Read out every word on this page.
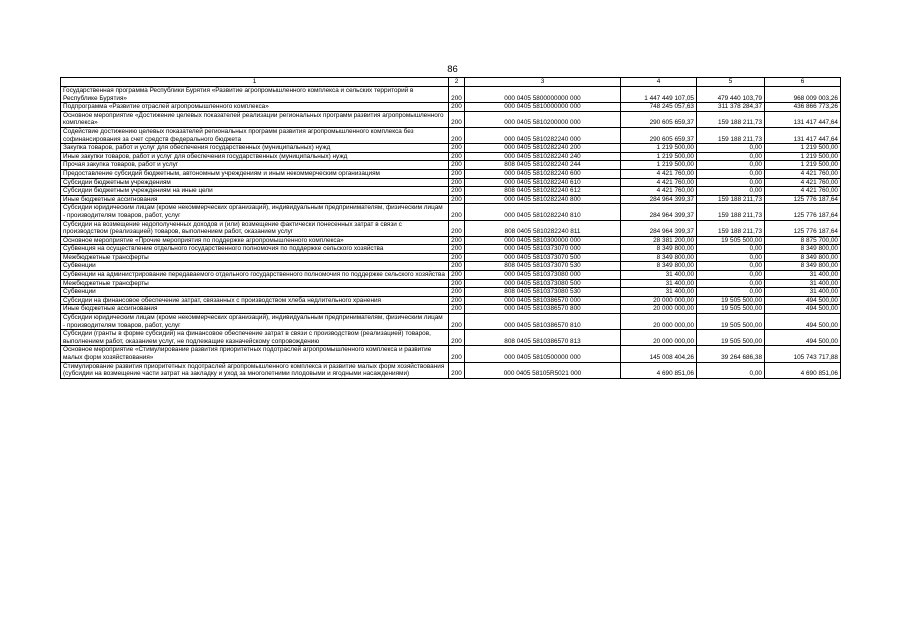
86
1	2	3	4	5	6
Государственная программа Республики Бурятия «Развитие агропромышленного комплекса и сельских территорий в Республике Бурятия»	200	000 0405 5800000000 000	1 447 449 107,05	479 440 103,79	968 009 003,26
Подпрограмма «Развитие отраслей агропромышленного комплекса»	200	000 0405 5810000000 000	748 245 057,63	311 378 284,37	436 866 773,26
Основное мероприятие «Достижение целевых показателей реализации региональных программ развития агропромышленного комплекса»	200	000 0405 5810200000 000	290 605 659,37	159 188 211,73	131 417 447,64
Содействие достижению целевых показателей региональных программ развития агропромышленного комплекса без софинансирования за счет средств федерального бюджета	200	000 0405 5810282240 000	290 605 659,37	159 188 211,73	131 417 447,64
Закупка товаров, работ и услуг для обеспечения государственных (муниципальных) нужд	200	000 0405 5810282240 200	1 219 500,00	0,00	1 219 500,00
Иные закупки товаров, работ и услуг для обеспечения государственных (муниципальных) нужд	200	000 0405 5810282240 240	1 219 500,00	0,00	1 219 500,00
Прочая закупка товаров, работ и услуг	200	808 0405 5810282240 244	1 219 500,00	0,00	1 219 500,00
Предоставление субсидий бюджетным, автономным учреждениям и иным некоммерческим организациям	200	000 0405 5810282240 600	4 421 760,00	0,00	4 421 760,00
Субсидии бюджетным учреждениям	200	000 0405 5810282240 610	4 421 760,00	0,00	4 421 760,00
Субсидии бюджетным учреждениям на иные цели	200	808 0405 5810282240 612	4 421 760,00	0,00	4 421 760,00
Иные бюджетные ассигнования	200	000 0405 5810282240 800	284 964 399,37	159 188 211,73	125 776 187,64
Субсидии юридическим лицам (кроме некоммерческих организаций), индивидуальным предпринимателям, физическим лицам - производителям товаров, работ, услуг	200	000 0405 5810282240 810	284 964 399,37	159 188 211,73	125 776 187,64
Субсидии на возмещение недополученных доходов и (или) возмещение фактически понесенных затрат в связи с производством (реализацией) товаров, выполнением работ, оказанием услуг	200	808 0405 5810282240 811	284 964 399,37	159 188 211,73	125 776 187,64
Основное мероприятие «Прочие мероприятия по поддержке агропромышленного комплекса»	200	000 0405 5810300000 000	28 381 200,00	19 505 500,00	8 875 700,00
Субвенция на осуществление отдельного государственного полномочия по поддержке сельского хозяйства	200	000 0405 5810373070 000	8 349 800,00	0,00	8 349 800,00
Межбюджетные трансферты	200	000 0405 5810373070 500	8 349 800,00	0,00	8 349 800,00
Субвенции	200	808 0405 5810373070 530	8 349 800,00	0,00	8 349 800,00
Субвенции на администрирование передаваемого отдельного государственного полномочия по поддержке сельского хозяйства	200	000 0405 5810373080 000	31 400,00	0,00	31 400,00
Межбюджетные трансферты	200	000 0405 5810373080 500	31 400,00	0,00	31 400,00
Субвенции	200	808 0405 5810373080 530	31 400,00	0,00	31 400,00
Субсидии на финансовое обеспечение затрат, связанных с производством хлеба недлительного хранения	200	000 0405 5810386570 000	20 000 000,00	19 505 500,00	494 500,00
Иные бюджетные ассигнования	200	000 0405 5810386570 800	20 000 000,00	19 505 500,00	494 500,00
Субсидии юридическим лицам (кроме некоммерческих организаций), индивидуальным предпринимателям, физическим лицам - производителям товаров, работ, услуг	200	000 0405 5810386570 810	20 000 000,00	19 505 500,00	494 500,00
Субсидии (гранты в форме субсидий) на финансовое обеспечение затрат в связи с производством (реализацией) товаров, выполнением работ, оказанием услуг, не подлежащие казначейскому сопровождению	200	808 0405 5810386570 813	20 000 000,00	19 505 500,00	494 500,00
Основное мероприятие «Стимулирование развития приоритетных подотраслей агропромышленного комплекса и развитие малых форм хозяйствования»	200	000 0405 5810500000 000	145 008 404,26	39 264 686,38	105 743 717,88
Стимулирование развития приоритетных подотраслей агропромышленного комплекса и развитие малых форм хозяйствования (субсидии на возмещение части затрат на закладку и уход за многолетними плодовыми и ягодными насаждениями)	200	000 0405 58105R5021 000	4 690 851,06	0,00	4 690 851,06
